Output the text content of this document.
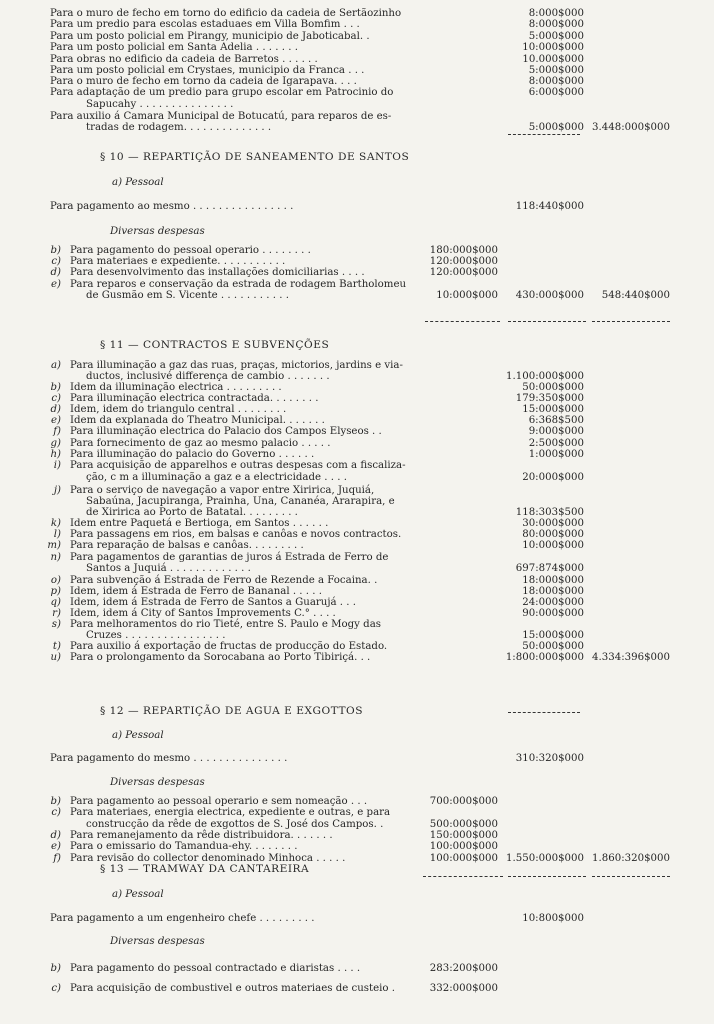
Para o muro de fecho em torno do edificio da cadeia de Sertãozinho	8:000$000
Para um predio para escolas estaduaes em Villa Bomfim . . .	8:000$000
Para um posto policial em Pirangy, municipio de Jaboticabal. .	5:000$000
Para um posto policial em Santa Adelia . . . . . . .	10:000$000
Para obras no edificio da cadeia de Barretos . . . . . .	10.000$000
Para um posto policial em Crystaes, municipio da Franca . . .	5:000$000
Para o muro de fecho em torno da cadeia de Igarapava. . . .	8:000$000
Para adaptação de um predio para grupo escolar em Patrocinio do	6:000$000
Sapucahy . . . . . . . . . . . . . . .
Para auxilio á Camara Municipal de Botucatú, para reparos de es-
tradas de rodagem. . . . . . . . . . . . . .	5:000$000 3.448:000$000
§ 10 — REPARTIÇÃO DE SANEAMENTO DE SANTOS
a) Pessoal
Para pagamento ao mesmo . . . . . . . . . . . . . . . .	118:440$000
Diversas despesas
b) Para pagamento do pessoal operario . . . . . . . .	180:000$000
c) Para materiaes e expediente. . . . . . . . . . .	120:000$000
d) Para desenvolvimento das installações domiciliarias . . . .	120:000$000
e) Para reparos e conservação da estrada de rodagem Bartholomeu
de Gusmão em S. Vicente . . . . . . . . . . .	10:000$000 430:000$000 548:440$000
§ 11 — CONTRACTOS E SUBVENÇÕES
a) Para illuminação a gaz das ruas, praças, mictorios, jardins e via-
ductos, inclusivé differença de cambio . . . . . . .	1.100:000$000
b) Idem da illuminação electrica . . . . . . . . .	50:000$000
c) Para illuminação electrica contractada. . . . . . . .	179:350$000
d) Idem, idem do triangulo central . . . . . . . .	15:000$000
e) Idem da explanada do Theatro Municipal. . . . . . .	6:368$500
f) Para illuminação electrica do Palacio dos Campos Elyseos . .	9:000$000
g) Para fornecimento de gaz ao mesmo palacio . . . . .	2:500$000
h) Para illuminação do palacio do Governo . . . . . .	1:000$000
i) Para acquisição de apparelhos e outras despesas com a fiscaliza-
ção, c m a illuminação a gaz e a electricidade . . . .	20:000$000
j) Para o serviço de navegação a vapor entre Xiririca, Juquiá,
Sabaúna, Jacupiranga, Prainha, Una, Cananéa, Ararapira, e
de Xiririca ao Porto de Batatal. . . . . . . . .	118:303$500
k) Idem entre Paquetá e Bertioga, em Santos . . . . . .	30:000$000
l) Para passagens em rios, em balsas e canôas e novos contractos.	80:000$000
m) Para reparação de balsas e canôas. . . . . . . . .	10:000$000
n) Para pagamentos de garantias de juros á Estrada de Ferro de
Santos a Juquiá . . . . . . . . . . . . .	697:874$000
o) Para subvenção á Estrada de Ferro de Rezende a Focaina. .	18:000$000
p) Idem, idem á Estrada de Ferro de Bananal . . . . .	18:000$000
q) Idem, idem á Estrada de Ferro de Santos a Guarujá . . .	24:000$000
r) Idem, idem á City of Santos Improvements C.° . . . .	90:000$000
s) Para melhoramentos do rio Tieté, entre S. Paulo e Mogy das
Cruzes . . . . . . . . . . . . . . . .	15:000$000
t) Para auxilio á exportação de fructas de producção do Estado.	50:000$000
u) Para o prolongamento da Sorocabana ao Porto Tibiriçá. . .	1:800:000$000 4.334:396$000
§ 12 — REPARTIÇÃO DE AGUA E EXGOTTOS
a) Pessoal
Para pagamento do mesmo . . . . . . . . . . . . . . .	310:320$000
Diversas despesas
b) Para pagamento ao pessoal operario e sem nomeação . . .	700:000$000
c) Para materiaes, energia electrica, expediente e outras, e para
construcção da rêde de exgottos de S. José dos Campos. .	500:000$000
d) Para remanejamento da rêde distribuidora. . . . . . .	150:000$000
e) Para o emissario do Tamandua-ehy. . . . . . . .	100:000$000
f) Para revisão do collector denominado Minhoca . . . . .	100:000$000 1.550:000$000 1.860:320$000
§ 13 — TRAMWAY DA CANTAREIRA
a) Pessoal
Para pagamento a um engenheiro chefe . . . . . . . . .	10:800$000
Diversas despesas
b) Para pagamento do pessoal contractado e diaristas . . . .	283:200$000
c) Para acquisição de combustivel e outros materiaes de custeio .	332:000$000
